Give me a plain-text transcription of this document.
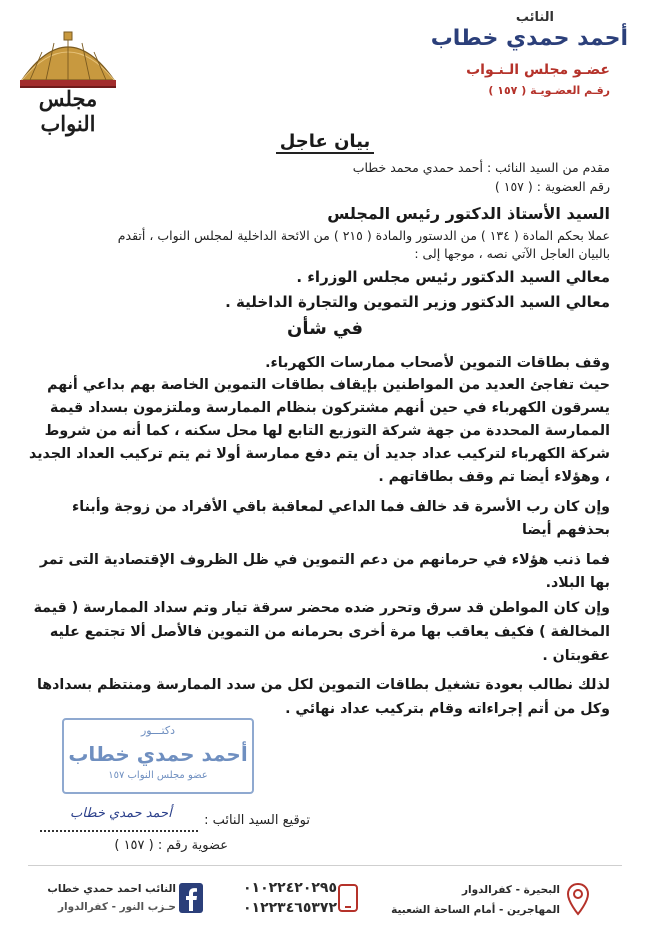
مجلس النواب
النائب
أحمد حمدي خطاب
عضـو مجلس الـنـواب
رقـم العضـويـة ( ١٥٧ )
بيان عاجل
مقدم من السيد النائب : أحمد حمدي محمد خطاب
رقم العضوية : ( ١٥٧ )
السيد الأستاذ الدكتور رئيس المجلس
عملا بحكم المادة ( ١٣٤ ) من الدستور والمادة ( ٢١٥ ) من الائحة الداخلية لمجلس النواب ، أتقدم
بالبيان العاجل الآتي نصه ، موجها إلى :
معالي السيد الدكتور رئيس مجلس الوزراء .
معالي السيد الدكتور وزير التموين والتجارة الداخلية .
في شأن
وقف بطاقات التموين لأصحاب ممارسات الكهرباء.
حيث تفاجئ العديد من المواطنين بإيقاف بطاقات التموين الخاصة بهم بداعي أنهم
يسرقون الكهرباء في حين أنهم مشتركون بنظام الممارسة وملتزمون بسداد قيمة
الممارسة المحددة من جهة شركة التوزيع التابع لها محل سكنه ، كما أنه من شروط
شركة الكهرباء لتركيب عداد جديد أن يتم دفع ممارسة أولا ثم يتم تركيب العداد الجديد
، وهؤلاء أيضا تم وقف بطاقاتهم .
وإن كان رب الأسرة قد خالف فما الداعي لمعاقبة باقي الأفراد من زوجة وأبناء
بحذفهم أيضا
فما ذنب هؤلاء في حرمانهم من دعم التموين في ظل الظروف الإقتصادية التى تمر
بها البلاد.
وإن كان المواطن قد سرق وتحرر ضده محضر سرقة تيار وتم سداد الممارسة ( قيمة
المخالفة ) فكيف يعاقب بها مرة أخرى بحرمانه من التموين فالأصل ألا تجتمع عليه
عقوبتان .
لذلك نطالب بعودة تشغيل بطاقات التموين لكل من سدد الممارسة ومنتظم بسدادها
وكل من أتم إجراءاته وقام بتركيب عداد نهائي .
دكتـــور
أحمد حمدي خطاب
عضو مجلس النواب ١٥٧
توقيع السيد النائب :
أحمد حمدي خطاب
عضوية رقم : ( ١٥٧ )
النائب احمد حمدي خطاب
حـزب النور - كفرالدوار
٠١٠٢٢٤٢٠٢٩٥
٠١٢٢٣٤٦٥٣٧٢
البحيرة - كفرالدوار
المهاجرين - أمام الساحة الشعبية
